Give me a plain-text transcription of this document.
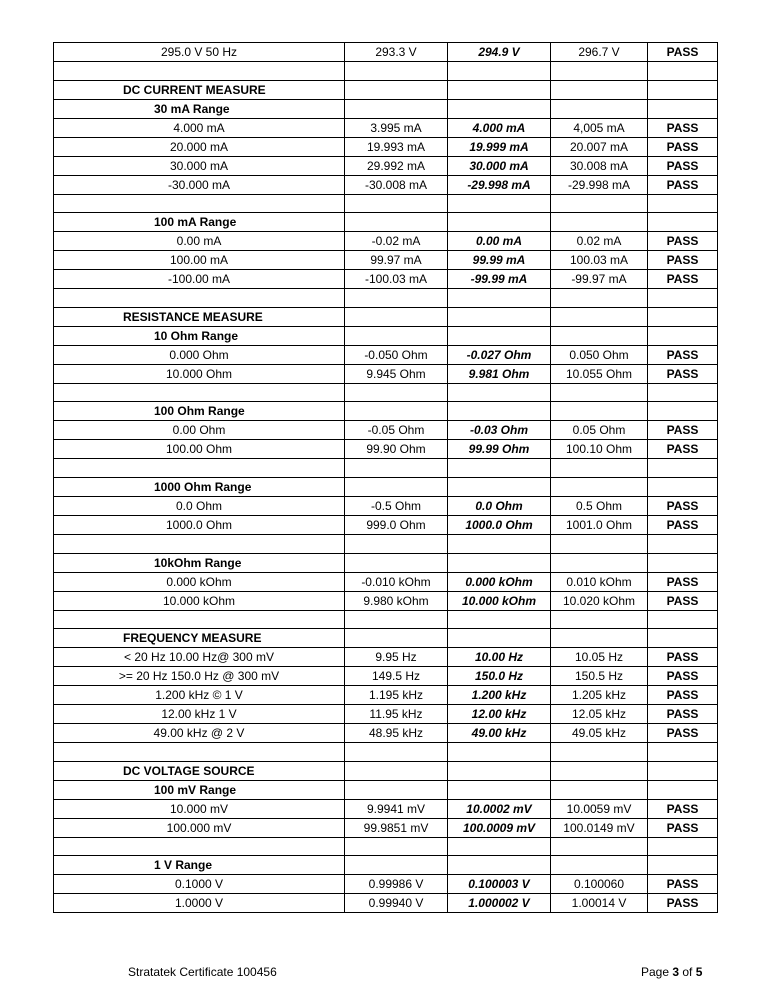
295.0 V 50 Hz	293.3 V	294.9 V	296.7 V	PASS

DC CURRENT MEASURE				
30 mA Range				
4.000 mA	3.995 mA	4.000 mA	4,005 mA	PASS
20.000 mA	19.993 mA	19.999 mA	20.007 mA	PASS
30.000 mA	29.992 mA	30.000 mA	30.008 mA	PASS
-30.000 mA	-30.008 mA	-29.998 mA	-29.998 mA	PASS

100 mA Range				
0.00 mA	-0.02 mA	0.00 mA	0.02 mA	PASS
100.00 mA	99.97 mA	99.99 mA	100.03 mA	PASS
-100.00 mA	-100.03 mA	-99.99 mA	-99.97 mA	PASS

RESISTANCE MEASURE				
10 Ohm Range				
0.000 Ohm	-0.050 Ohm	-0.027 Ohm	0.050 Ohm	PASS
10.000 Ohm	9.945 Ohm	9.981 Ohm	10.055 Ohm	PASS

100 Ohm Range				
0.00 Ohm	-0.05 Ohm	-0.03 Ohm	0.05 Ohm	PASS
100.00 Ohm	99.90 Ohm	99.99 Ohm	100.10 Ohm	PASS

1000 Ohm Range				
0.0 Ohm	-0.5 Ohm	0.0 Ohm	0.5 Ohm	PASS
1000.0 Ohm	999.0 Ohm	1000.0 Ohm	1001.0 Ohm	PASS

10kOhm Range				
0.000 kOhm	-0.010 kOhm	0.000 kOhm	0.010 kOhm	PASS
10.000 kOhm	9.980 kOhm	10.000 kOhm	10.020 kOhm	PASS

FREQUENCY MEASURE				
< 20 Hz 10.00 Hz@ 300 mV	9.95 Hz	10.00 Hz	10.05 Hz	PASS
>= 20 Hz 150.0 Hz @ 300 mV	149.5 Hz	150.0 Hz	150.5 Hz	PASS
1.200 kHz © 1 V	1.195 kHz	1.200 kHz	1.205 kHz	PASS
12.00 kHz 1 V	11.95 kHz	12.00 kHz	12.05 kHz	PASS
49.00 kHz @ 2 V	48.95 kHz	49.00 kHz	49.05 kHz	PASS

DC VOLTAGE SOURCE				
100 mV Range				
10.000 mV	9.9941 mV	10.0002 mV	10.0059 mV	PASS
100.000 mV	99.9851 mV	100.0009 mV	100.0149 mV	PASS

1 V Range				
0.1000 V	0.99986 V	0.100003 V	0.100060	PASS
1.0000 V	0.99940 V	1.000002 V	1.00014 V	PASS
Stratatek Certificate 100456	Page 3 of 5
